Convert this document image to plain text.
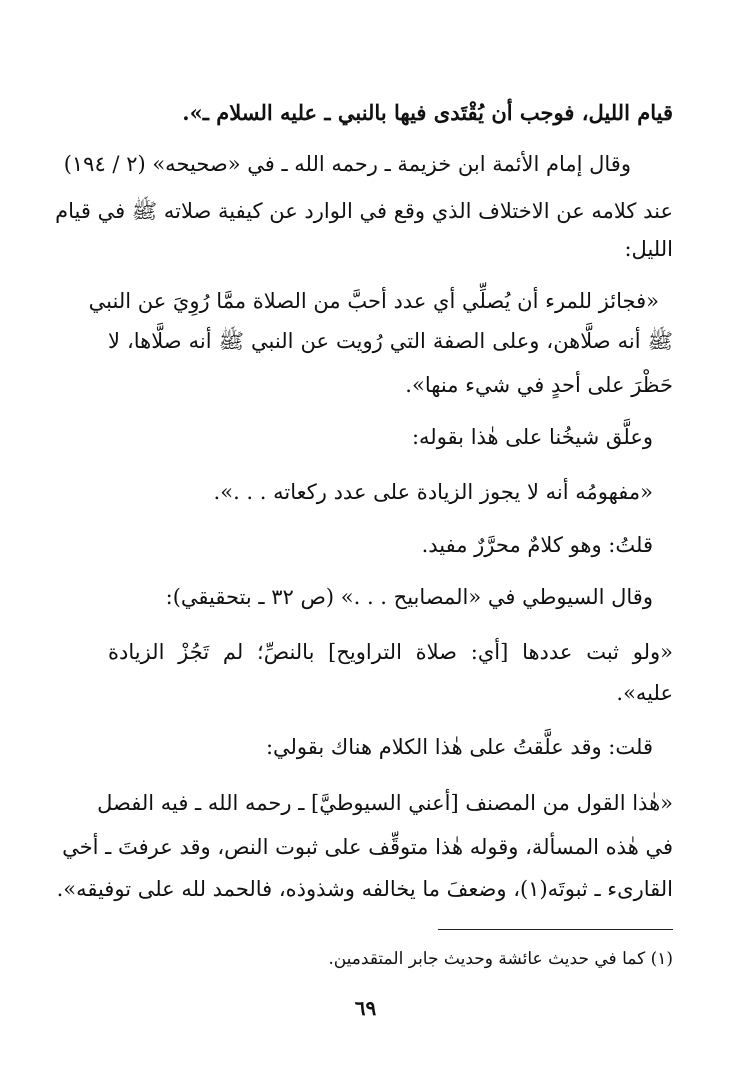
قيام الليل، فوجب أن يُقْتَدى فيها بالنبي ـ عليه السلام ـ».
وقال إمام الأئمة ابن خزيمة ـ رحمه الله ـ في «صحيحه» (٢ / ١٩٤)
عند كلامه عن الاختلاف الذي وقع في الوارد عن كيفية صلاته ﷺ في قيام
الليل:
«فجائز للمرء أن يُصلِّي أي عدد أحبَّ من الصلاة ممَّا رُوِيَ عن النبي
ﷺ أنه صلَّاهن، وعلى الصفة التي رُويت عن النبي ﷺ أنه صلَّاها، لا
حَظْرَ على أحدٍ في شيء منها».
وعلَّق شيخُنا على هٰذا بقوله:
«مفهومُه أنه لا يجوز الزيادة على عدد ركعاته . . .».
قلتُ: وهو كلامٌ محرَّرٌ مفيد.
وقال السيوطي في «المصابيح . . .» (ص ٣٢ ـ بتحقيقي):
«ولو ثبت عددها [أي: صلاة التراويح] بالنصِّ؛ لم تَجُزْ الزيادة
عليه».
قلت: وقد علَّقتُ على هٰذا الكلام هناك بقولي:
«هٰذا القول من المصنف [أعني السيوطيَّ] ـ رحمه الله ـ فيه الفصل
في هٰذه المسألة، وقوله هٰذا متوقِّف على ثبوت النص، وقد عرفتَ ـ أخي
القارىء ـ ثبوتَه(١)، وضعفَ ما يخالفه وشذوذه، فالحمد لله على توفيقه».
(١) كما في حديث عائشة وحديث جابر المتقدمين.
٦٩
